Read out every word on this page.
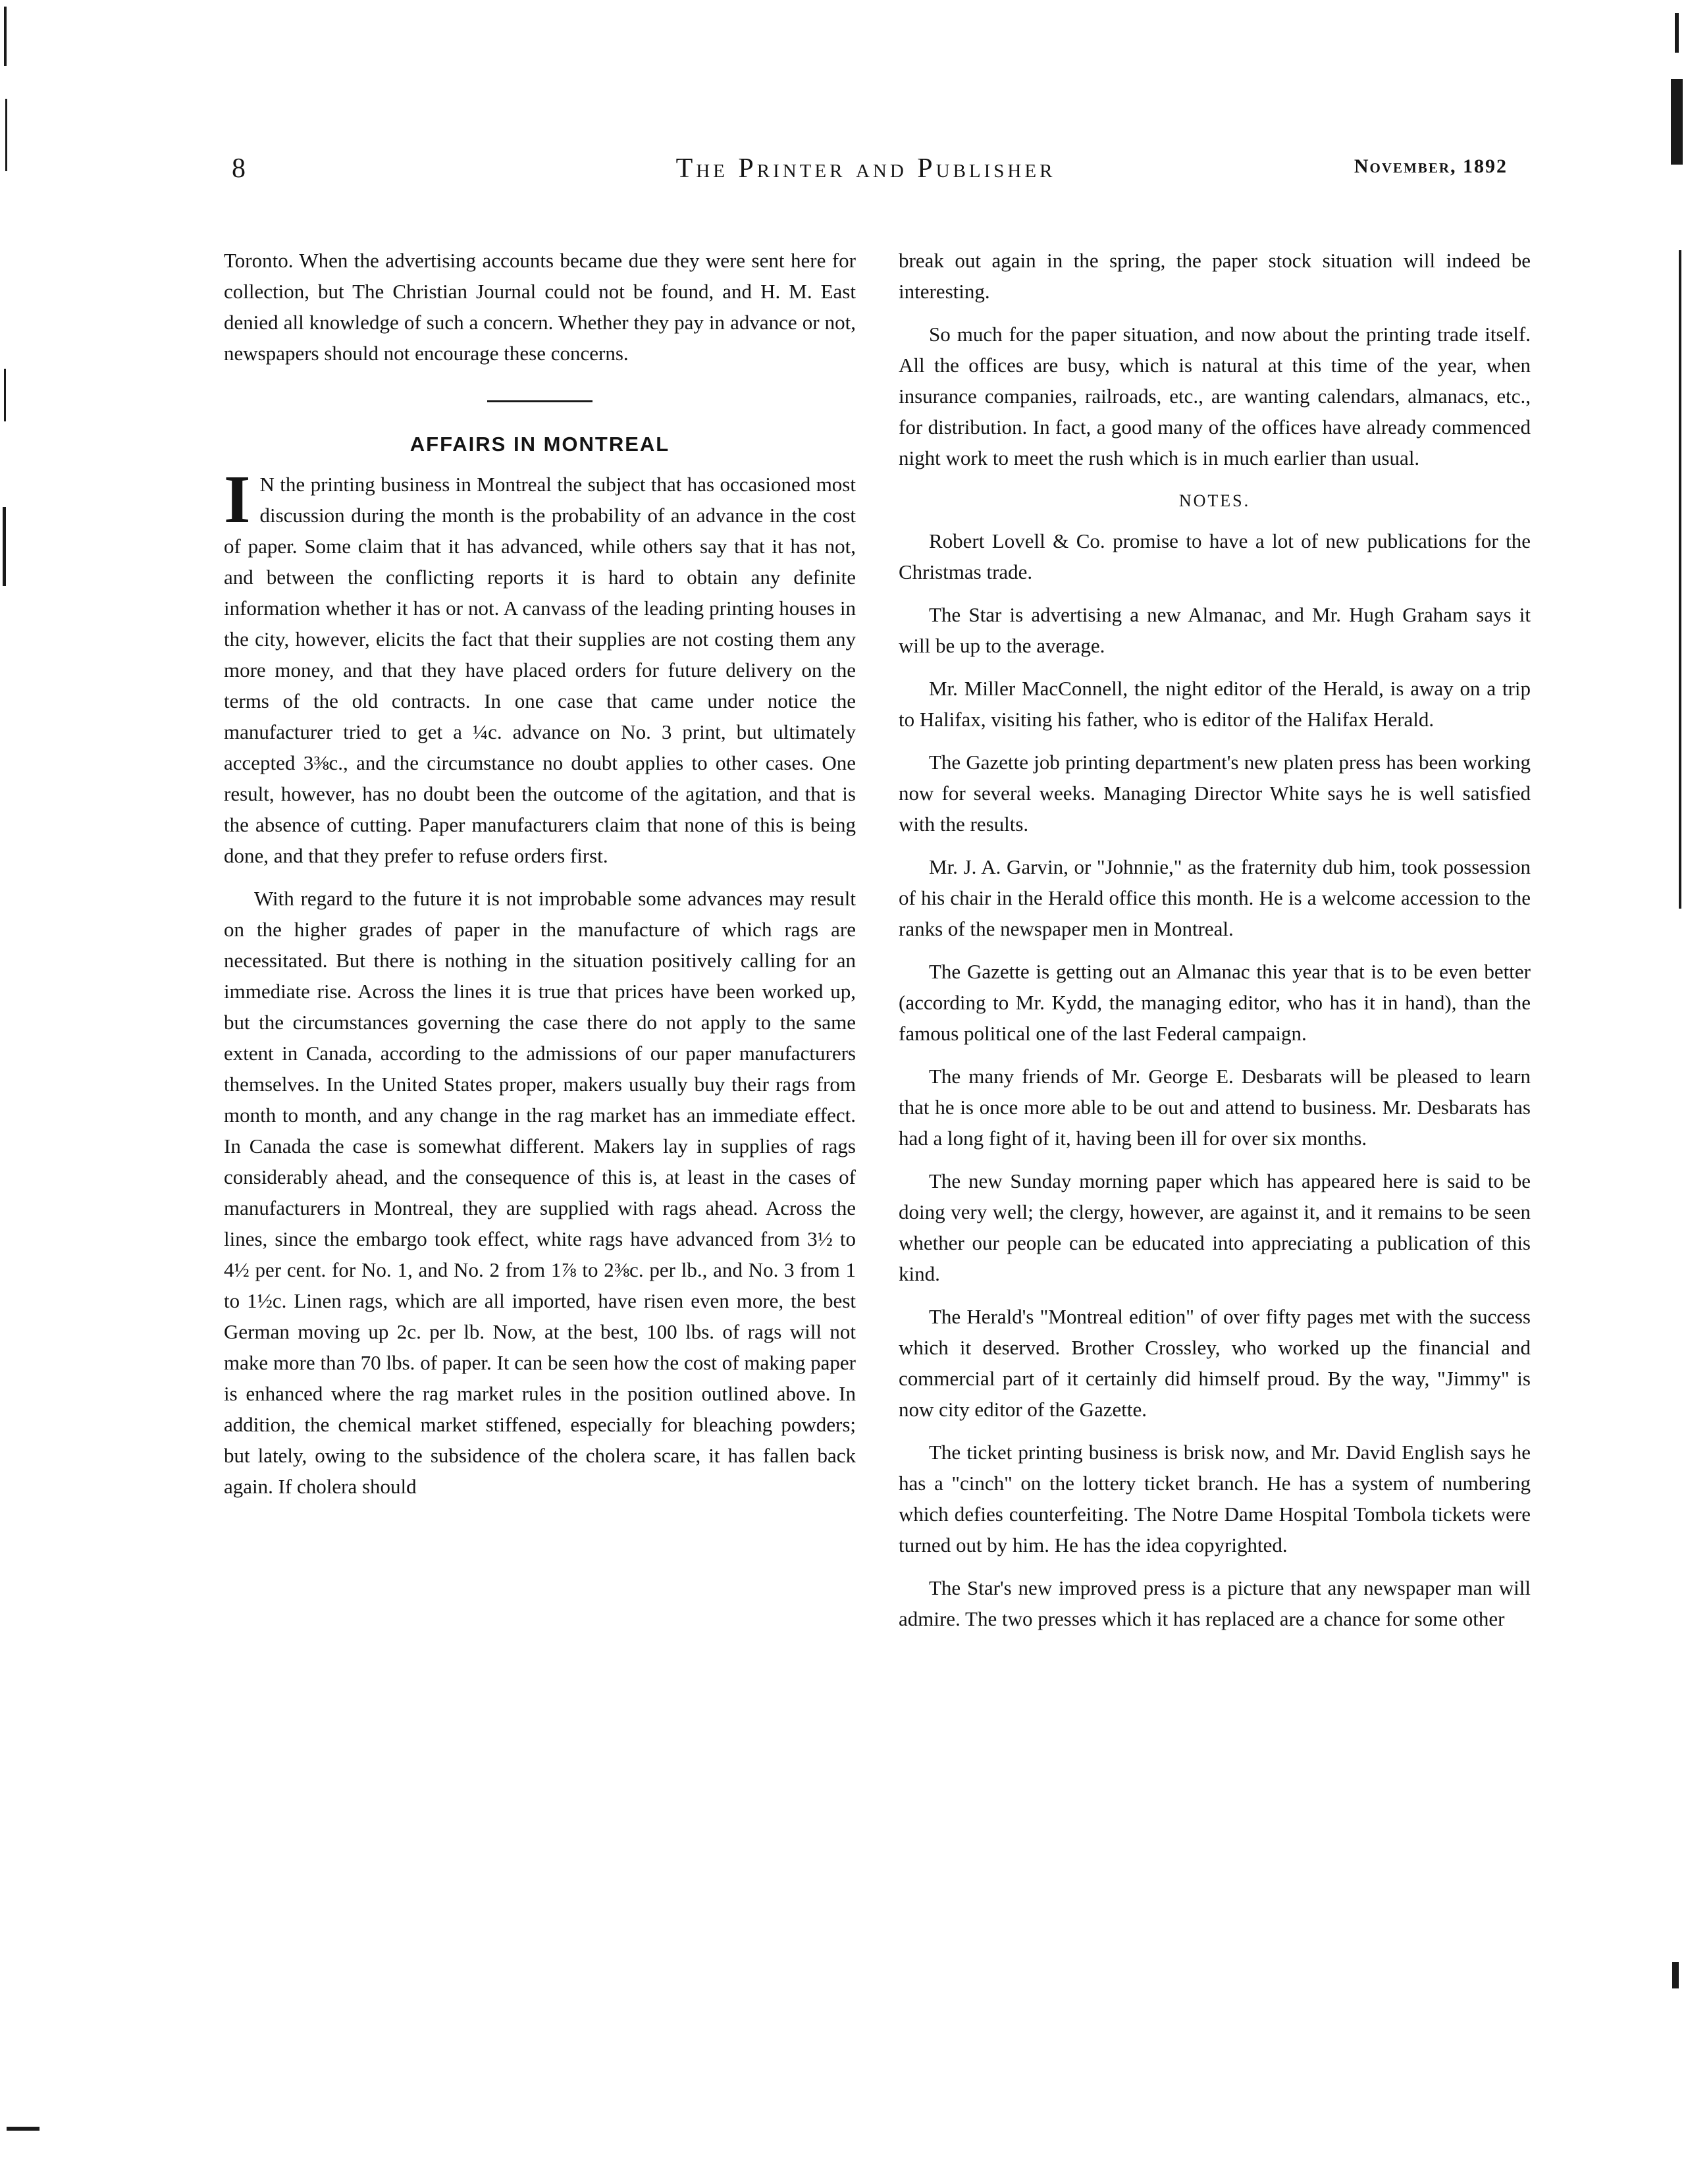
8	The Printer and Publisher	November, 1892

Toronto. When the advertising accounts became due they were sent here for collection, but The Christian Journal could not be found, and H. M. East denied all knowledge of such a concern. Whether they pay in advance or not, newspapers should not encourage these concerns.

AFFAIRS IN MONTREAL

I N the printing business in Montreal the subject that has occasioned most discussion during the month is the probability of an advance in the cost of paper. Some claim that it has advanced, while others say that it has not, and between the conflicting reports it is hard to obtain any definite information whether it has or not. A canvass of the leading printing houses in the city, however, elicits the fact that their supplies are not costing them any more money, and that they have placed orders for future delivery on the terms of the old contracts. In one case that came under notice the manufacturer tried to get a ¼c. advance on No. 3 print, but ultimately accepted 3⅜c., and the circumstance no doubt applies to other cases. One result, however, has no doubt been the outcome of the agitation, and that is the absence of cutting. Paper manufacturers claim that none of this is being done, and that they prefer to refuse orders first.

With regard to the future it is not improbable some advances may result on the higher grades of paper in the manufacture of which rags are necessitated. But there is nothing in the situation positively calling for an immediate rise. Across the lines it is true that prices have been worked up, but the circumstances governing the case there do not apply to the same extent in Canada, according to the admissions of our paper manufacturers themselves. In the United States proper, makers usually buy their rags from month to month, and any change in the rag market has an immediate effect. In Canada the case is somewhat different. Makers lay in supplies of rags considerably ahead, and the consequence of this is, at least in the cases of manufacturers in Montreal, they are supplied with rags ahead. Across the lines, since the embargo took effect, white rags have advanced from 3½ to 4½ per cent. for No. 1, and No. 2 from 1⅞ to 2⅜c. per lb., and No. 3 from 1 to 1½c. Linen rags, which are all imported, have risen even more, the best German moving up 2c. per lb. Now, at the best, 100 lbs. of rags will not make more than 70 lbs. of paper. It can be seen how the cost of making paper is enhanced where the rag market rules in the position outlined above. In addition, the chemical market stiffened, especially for bleaching powders; but lately, owing to the subsidence of the cholera scare, it has fallen back again. If cholera should

break out again in the spring, the paper stock situation will indeed be interesting.

So much for the paper situation, and now about the printing trade itself. All the offices are busy, which is natural at this time of the year, when insurance companies, railroads, etc., are wanting calendars, almanacs, etc., for distribution. In fact, a good many of the offices have already commenced night work to meet the rush which is in much earlier than usual.

NOTES.

Robert Lovell & Co. promise to have a lot of new publications for the Christmas trade.

The Star is advertising a new Almanac, and Mr. Hugh Graham says it will be up to the average.

Mr. Miller MacConnell, the night editor of the Herald, is away on a trip to Halifax, visiting his father, who is editor of the Halifax Herald.

The Gazette job printing department's new platen press has been working now for several weeks. Managing Director White says he is well satisfied with the results.

Mr. J. A. Garvin, or "Johnnie," as the fraternity dub him, took possession of his chair in the Herald office this month. He is a welcome accession to the ranks of the newspaper men in Montreal.

The Gazette is getting out an Almanac this year that is to be even better (according to Mr. Kydd, the managing editor, who has it in hand), than the famous political one of the last Federal campaign.

The many friends of Mr. George E. Desbarats will be pleased to learn that he is once more able to be out and attend to business. Mr. Desbarats has had a long fight of it, having been ill for over six months.

The new Sunday morning paper which has appeared here is said to be doing very well; the clergy, however, are against it, and it remains to be seen whether our people can be educated into appreciating a publication of this kind.

The Herald's "Montreal edition" of over fifty pages met with the success which it deserved. Brother Crossley, who worked up the financial and commercial part of it certainly did himself proud. By the way, "Jimmy" is now city editor of the Gazette.

The ticket printing business is brisk now, and Mr. David English says he has a "cinch" on the lottery ticket branch. He has a system of numbering which defies counterfeiting. The Notre Dame Hospital Tombola tickets were turned out by him. He has the idea copyrighted.

The Star's new improved press is a picture that any newspaper man will admire. The two presses which it has replaced are a chance for some other
